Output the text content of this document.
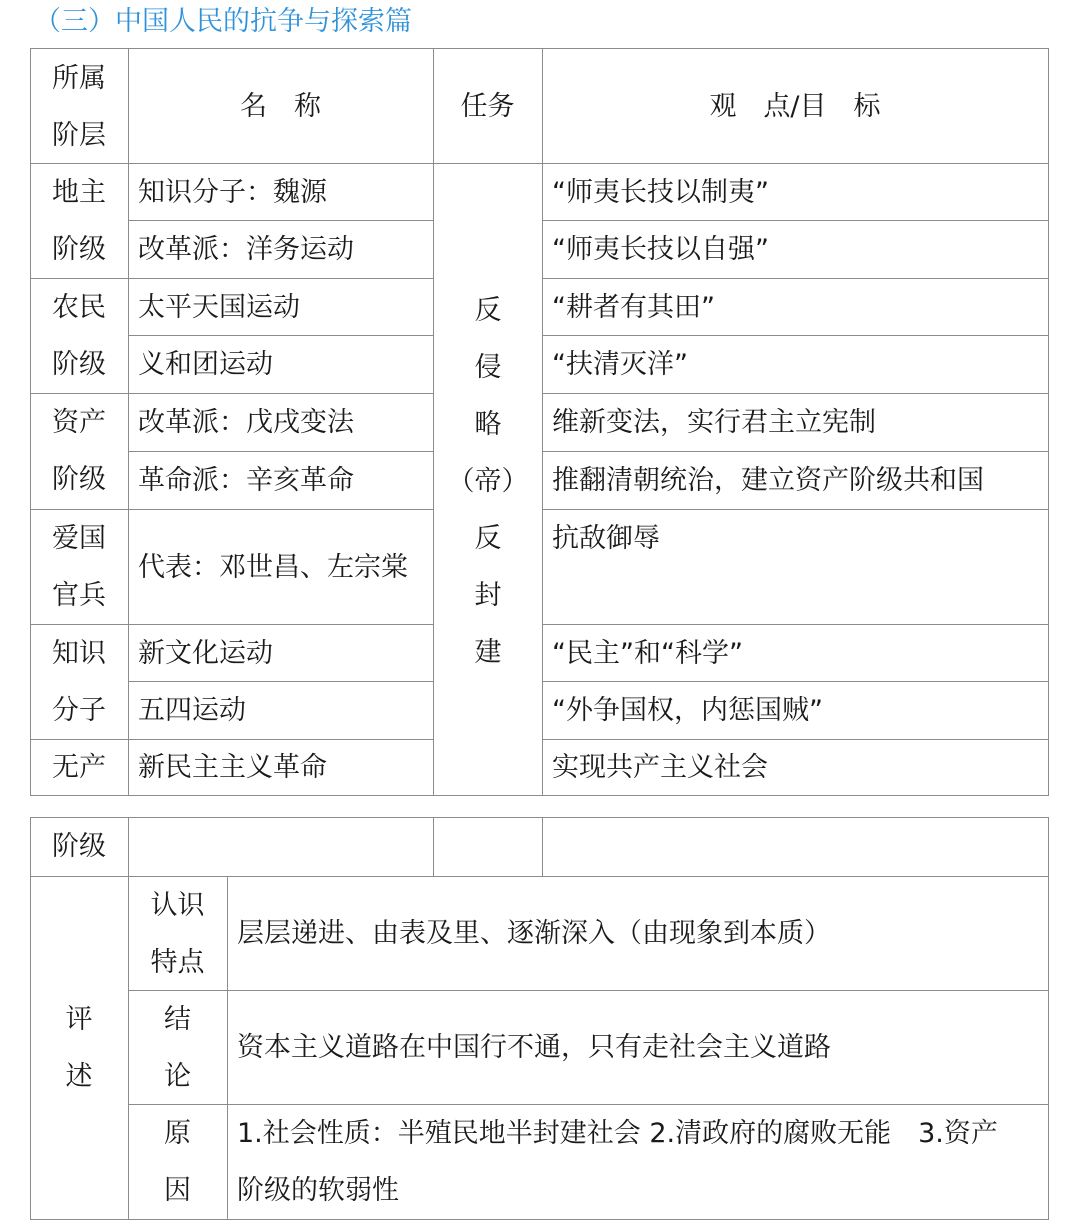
（三）中国人民的抗争与探索篇
所属
阶层
名　称	任务	观　点/目　标
地主
阶级
农民
阶级
资产
阶级
爱国
官兵
知识
分子
无产
知识分子：魏源
改革派：洋务运动
太平天国运动
义和团运动
改革派：戊戌变法
革命派：辛亥革命
代表：邓世昌、左宗棠
新文化运动
五四运动
新民主主义革命
反
侵
略
（帝）
反
封
建
“师夷长技以制夷”
“师夷长技以自强”
“耕者有其田”
“扶清灭洋”
维新变法，实行君主立宪制
推翻清朝统治，建立资产阶级共和国
抗敌御辱
“民主”和“科学”
“外争国权，内惩国贼”
实现共产主义社会
阶级
评
述
认识
特点
层层递进、由表及里、逐渐深入（由现象到本质）
结
论
资本主义道路在中国行不通，只有走社会主义道路
原
因
1.社会性质：半殖民地半封建社会 2.清政府的腐败无能　3.资产
阶级的软弱性
